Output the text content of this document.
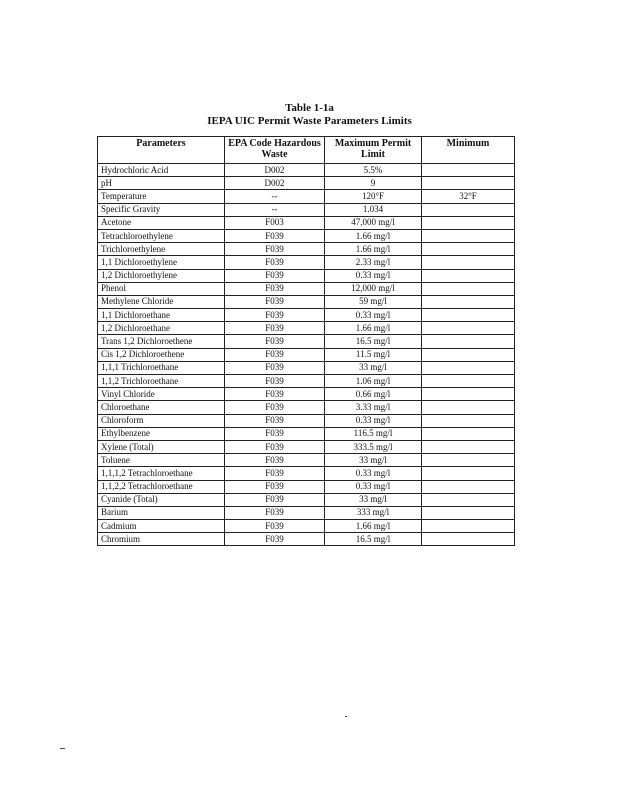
Table 1-1a
IEPA UIC Permit Waste Parameters Limits
Parameters	EPA Code Hazardous Waste	Maximum Permit Limit	Minimum
Hydrochloric Acid	D002	5.5%	
pH	D002	9	
Temperature	--	120°F	32°F
Specific Gravity	--	1.034	
Acetone	F003	47,000 mg/l	
Tetrachloroethylene	F039	1.66 mg/l	
Trichloroethylene	F039	1.66 mg/l	
1,1 Dichloroethylene	F039	2.33 mg/l	
1,2 Dichloroethylene	F039	0.33 mg/l	
Phenol	F039	12,000 mg/l	
Methylene Chloride	F039	59 mg/l	
1,1 Dichloroethane	F039	0.33 mg/l	
1,2 Dichloroethane	F039	1.66 mg/l	
Trans 1,2 Dichloroethene	F039	16.5 mg/l	
Cis 1,2 Dichloroethene	F039	11.5 mg/l	
1,1,1 Trichloroethane	F039	33 mg/l	
1,1,2 Trichloroethane	F039	1.06 mg/l	
Vinyl Chloride	F039	0.66 mg/l	
Chloroethane	F039	3.33 mg/l	
Chloroform	F039	0.33 mg/l	
Ethylbenzene	F039	116.5 mg/l	
Xylene (Total)	F039	333.5 mg/l	
Toluene	F039	33 mg/l	
1,1,1,2 Tetrachloroethane	F039	0.33 mg/l	
1,1,2,2 Tetrachloroethane	F039	0.33 mg/l	
Cyanide (Total)	F039	33 mg/l	
Barium	F039	333 mg/l	
Cadmium	F039	1.66 mg/l	
Chromium	F039	16.5 mg/l	
